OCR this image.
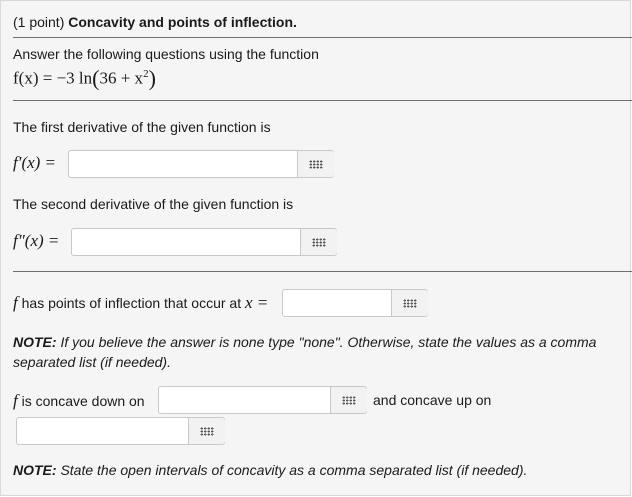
(1 point) Concavity and points of inflection.
Answer the following questions using the function
f(x) = −3 $\ln(36 + x^2)$
The first derivative of the given function is
f′(x) =
The second derivative of the given function is
f″(x) =
f has points of inflection that occur at x =
NOTE: If you believe the answer is none type "none". Otherwise, state the values as a comma separated list (if needed).
f is concave down on	and concave up on
NOTE: State the open intervals of concavity as a comma separated list (if needed).
